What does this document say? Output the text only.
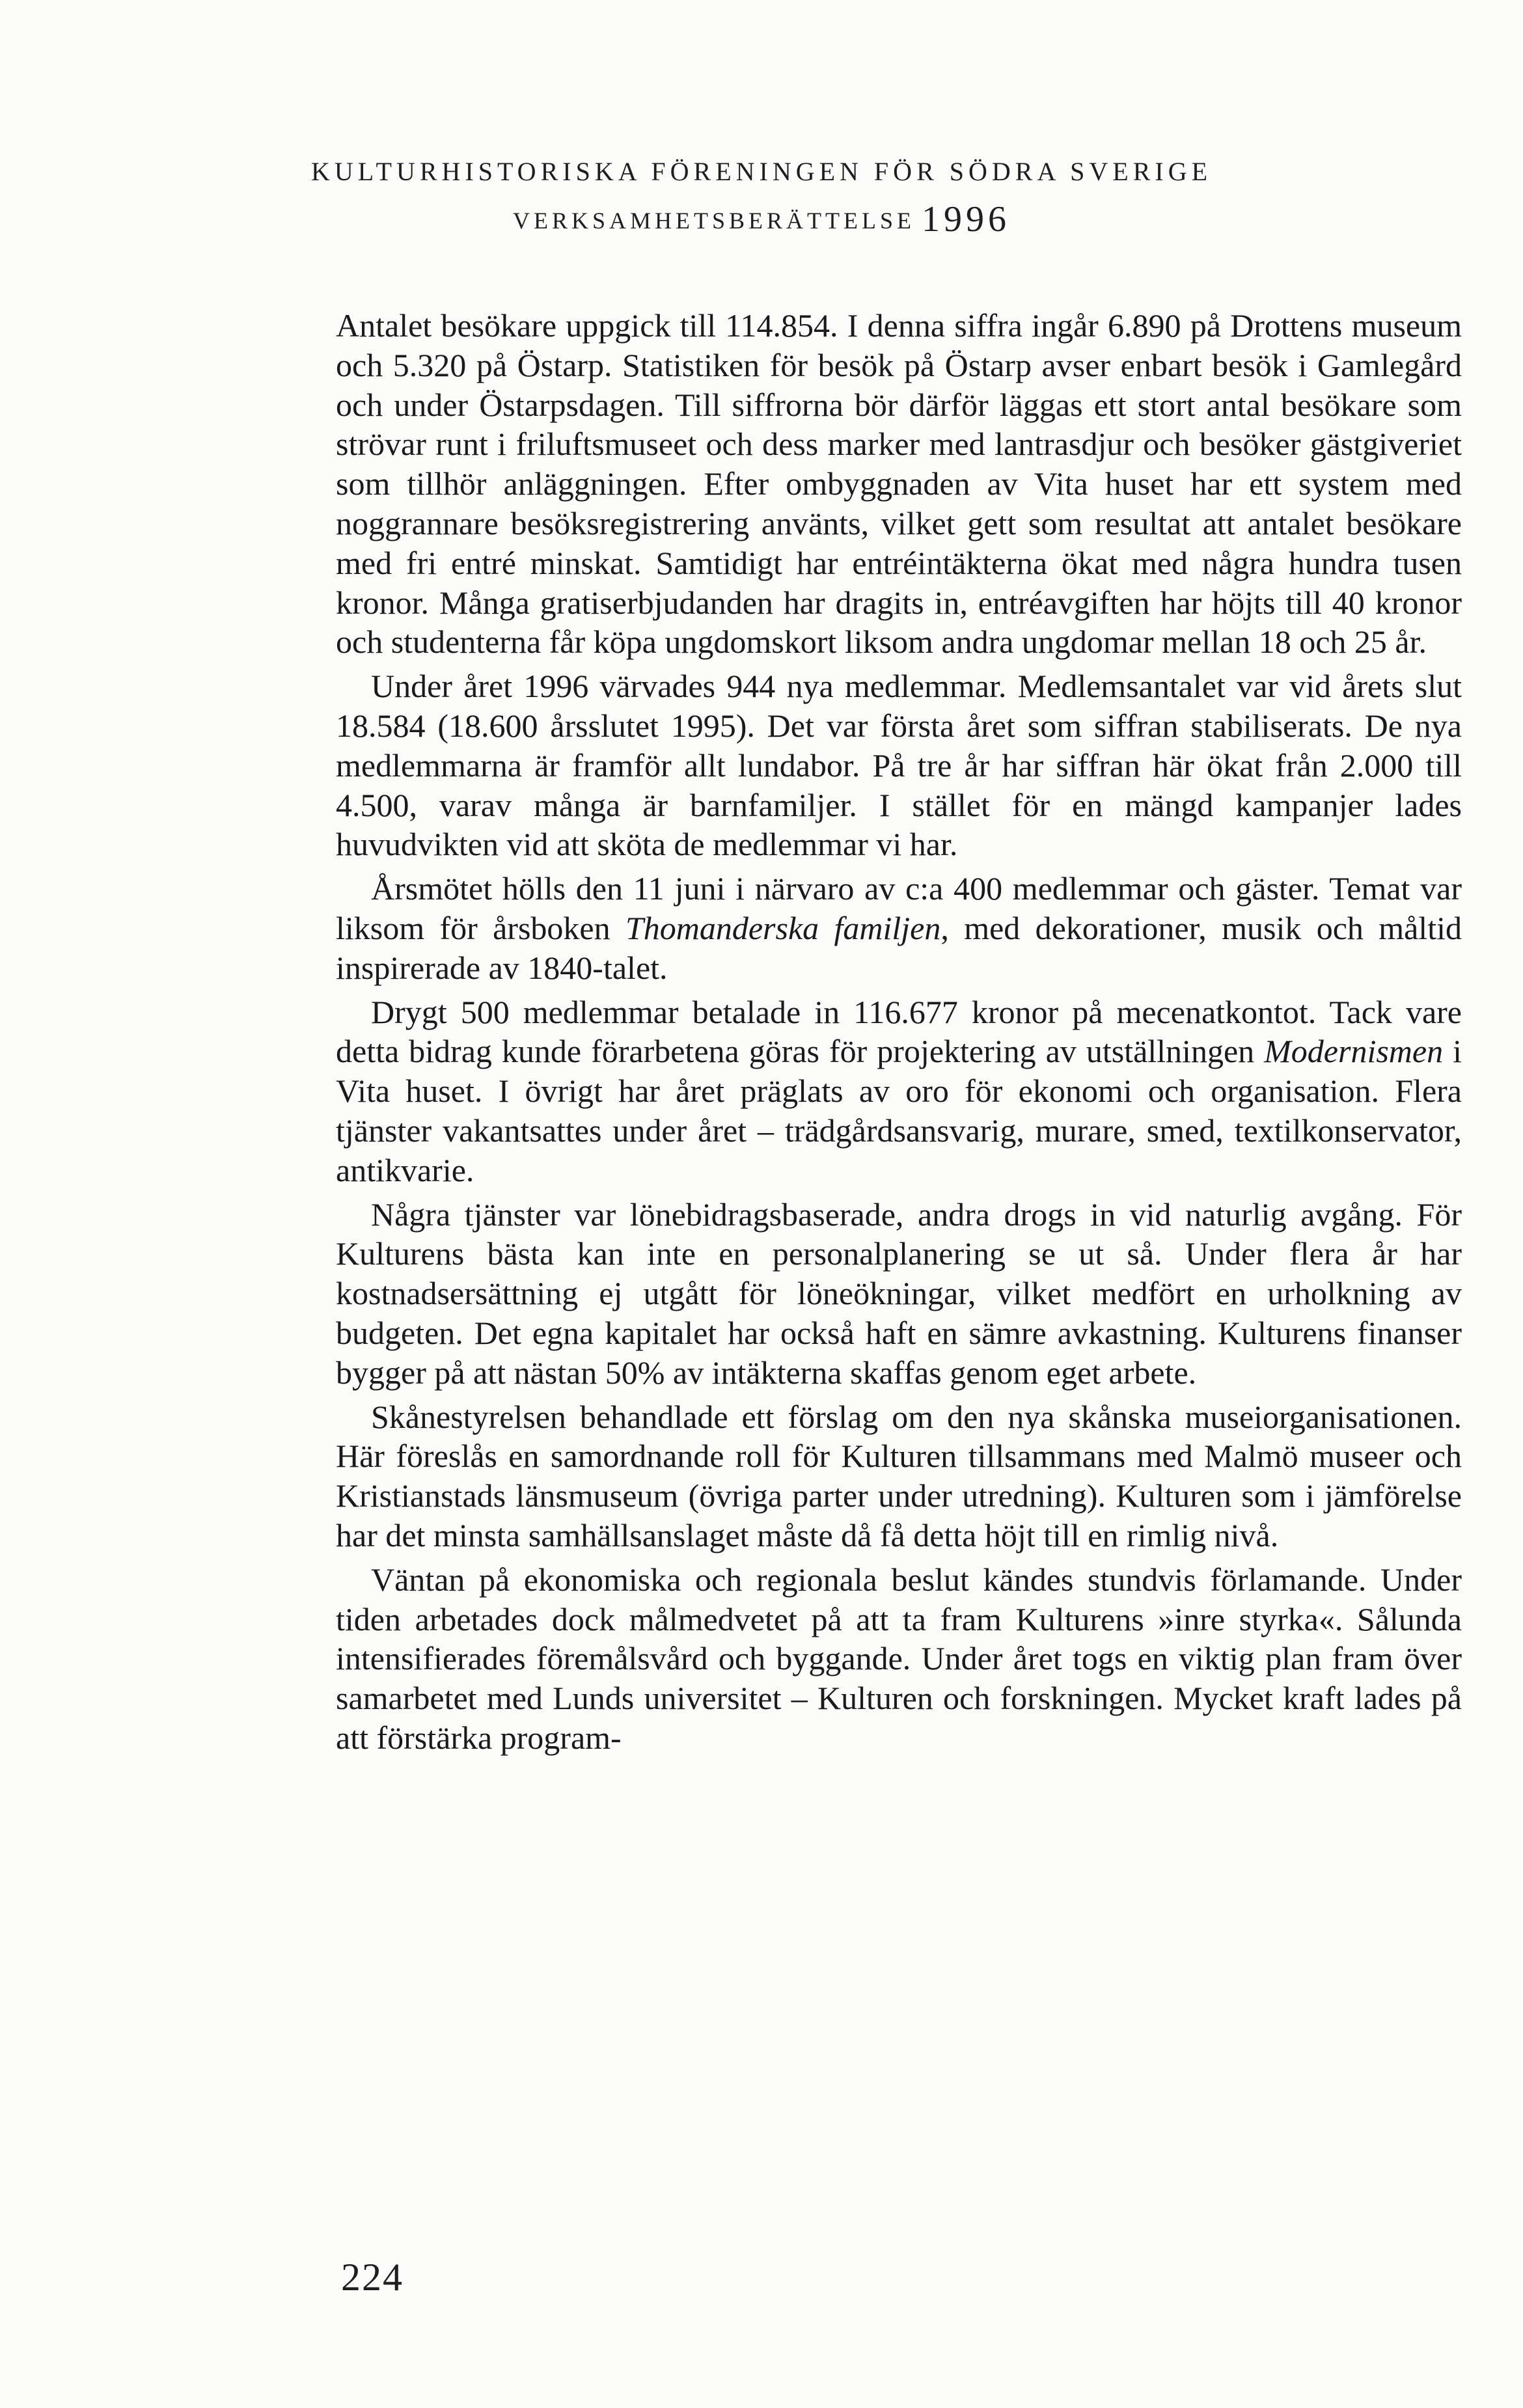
KULTURHISTORISKA FÖRENINGEN FÖR SÖDRA SVERIGE
VERKSAMHETSBERÄTTELSE 1996

Antalet besökare uppgick till 114.854. I denna siffra ingår 6.890 på Drottens museum och 5.320 på Östarp. Statistiken för besök på Östarp avser enbart besök i Gamlegård och under Östarpsdagen. Till siffrorna bör därför läggas ett stort antal besökare som strövar runt i friluftsmuseet och dess marker med lantrasdjur och besöker gästgiveriet som tillhör anläggningen. Efter ombyggnaden av Vita huset har ett system med noggrannare besöksregistrering använts, vilket gett som resultat att antalet besökare med fri entré minskat. Samtidigt har entréintäkterna ökat med några hundra tusen kronor. Många gratiserbjudanden har dragits in, entréavgiften har höjts till 40 kronor och studenterna får köpa ungdomskort liksom andra ungdomar mellan 18 och 25 år.

Under året 1996 värvades 944 nya medlemmar. Medlemsantalet var vid årets slut 18.584 (18.600 årsslutet 1995). Det var första året som siffran stabiliserats. De nya medlemmarna är framför allt lundabor. På tre år har siffran här ökat från 2.000 till 4.500, varav många är barnfamiljer. I stället för en mängd kampanjer lades huvudvikten vid att sköta de medlemmar vi har.

Årsmötet hölls den 11 juni i närvaro av c:a 400 medlemmar och gäster. Temat var liksom för årsboken Thomanderska familjen, med dekorationer, musik och måltid inspirerade av 1840-talet.

Drygt 500 medlemmar betalade in 116.677 kronor på mecenatkontot. Tack vare detta bidrag kunde förarbetena göras för projektering av utställningen Modernismen i Vita huset. I övrigt har året präglats av oro för ekonomi och organisation. Flera tjänster vakantsattes under året – trädgårdsansvarig, murare, smed, textilkonservator, antikvarie.

Några tjänster var lönebidragsbaserade, andra drogs in vid naturlig avgång. För Kulturens bästa kan inte en personalplanering se ut så. Under flera år har kostnadsersättning ej utgått för löneökningar, vilket medfört en urholkning av budgeten. Det egna kapitalet har också haft en sämre avkastning. Kulturens finanser bygger på att nästan 50% av intäkterna skaffas genom eget arbete.

Skånestyrelsen behandlade ett förslag om den nya skånska museiorganisationen. Här föreslås en samordnande roll för Kulturen tillsammans med Malmö museer och Kristianstads länsmuseum (övriga parter under utredning). Kulturen som i jämförelse har det minsta samhällsanslaget måste då få detta höjt till en rimlig nivå.

Väntan på ekonomiska och regionala beslut kändes stundvis förlamande. Under tiden arbetades dock målmedvetet på att ta fram Kulturens »inre styrka«. Sålunda intensifierades föremålsvård och byggande. Under året togs en viktig plan fram över samarbetet med Lunds universitet – Kulturen och forskningen. Mycket kraft lades på att förstärka program-

224
